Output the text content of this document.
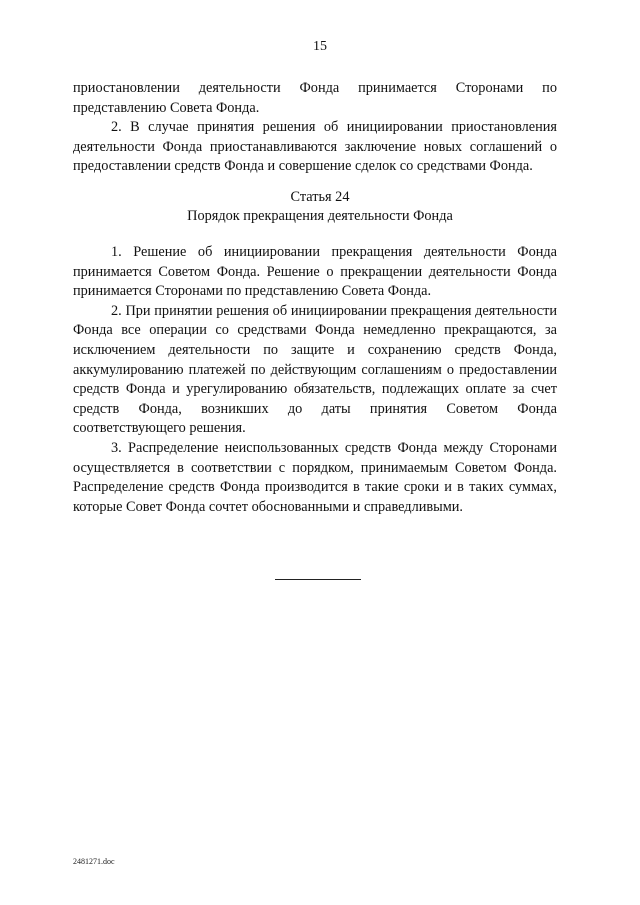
15

приостановлении деятельности Фонда принимается Сторонами по представлению Совета Фонда.

2. В случае принятия решения об инициировании приостановления деятельности Фонда приостанавливаются заключение новых соглашений о предоставлении средств Фонда и совершение сделок со средствами Фонда.

Статья 24
Порядок прекращения деятельности Фонда

1. Решение об инициировании прекращения деятельности Фонда принимается Советом Фонда. Решение о прекращении деятельности Фонда принимается Сторонами по представлению Совета Фонда.

2. При принятии решения об инициировании прекращения деятельности Фонда все операции со средствами Фонда немедленно прекращаются, за исключением деятельности по защите и сохранению средств Фонда, аккумулированию платежей по действующим соглашениям о предоставлении средств Фонда и урегулированию обязательств, подлежащих оплате за счет средств Фонда, возникших до даты принятия Советом Фонда соответствующего решения.

3. Распределение неиспользованных средств Фонда между Сторонами осуществляется в соответствии с порядком, принимаемым Советом Фонда. Распределение средств Фонда производится в такие сроки и в таких суммах, которые Совет Фонда сочтет обоснованными и справедливыми.

2481271.doc
